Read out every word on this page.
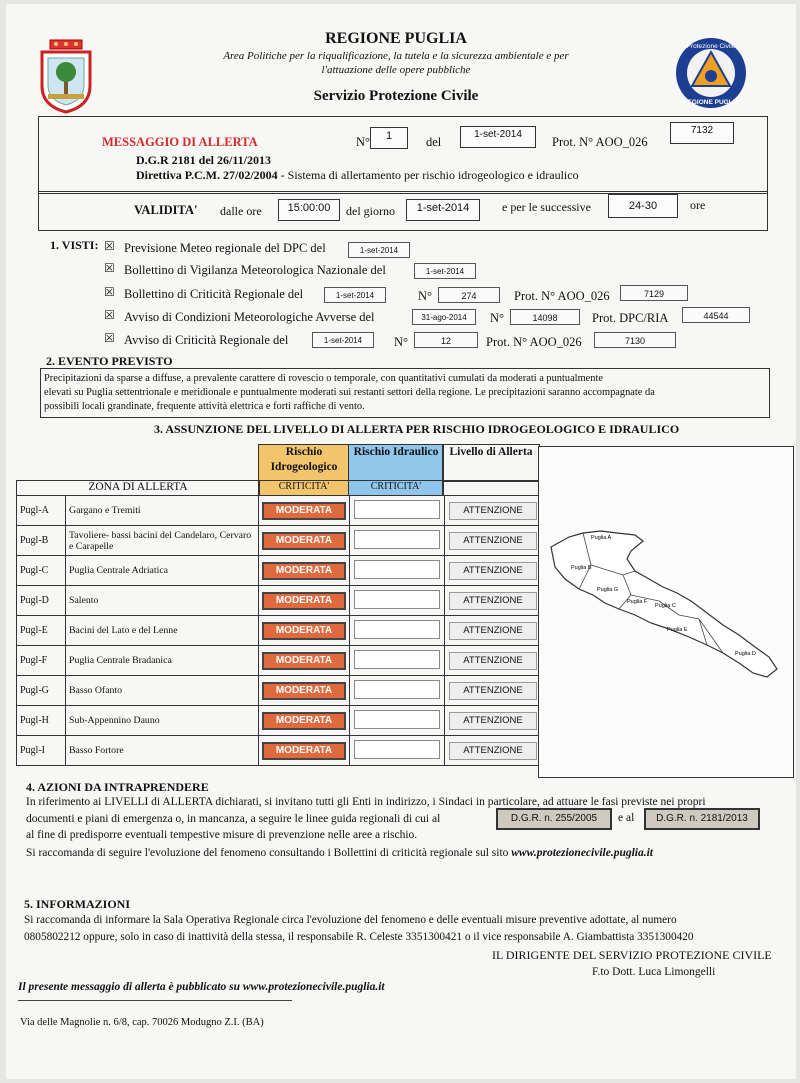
Protezione Civile
REGIONE PUGLIA
REGIONE PUGLIA
Area Politiche per la riqualificazione, la tutela e la sicurezza ambientale e per
l'attuazione delle opere pubbliche
Servizio Protezione Civile
MESSAGGIO DI ALLERTA	N°	1	del
1-set-2014
Prot. N° AOO_026
7132
D.G.R 2181 del 26/11/2013
Direttiva P.C.M. 27/02/2004 - Sistema di allertamento per rischio idrogeologico e idraulico
VALIDITA' dalle ore	15:00:00	del giorno	1-set-2014	e per le successive	24-30	ore
1. VISTI: ☒ Previsione Meteo regionale del DPC del	1-set-2014
☒ Bollettino di Vigilanza Meteorologica Nazionale del	1-set-2014
☒ Bollettino di Criticità Regionale del	1-set-2014	N°	274	Prot. N° AOO_026	7129
☒ Avviso di Condizioni Meteorologiche Avverse del	31-ago-2014	N°	14098	Prot. DPC/RIA	44544
☒ Avviso di Criticità Regionale del	1-set-2014	N°	12	Prot. N° AOO_026	7130
2. EVENTO PREVISTO
Precipitazioni da sparse a diffuse, a prevalente carattere di rovescio o temporale, con quantitativi cumulati da moderati a puntualmente
elevati su Puglia settentrionale e meridionale e puntualmente moderati sui restanti settori della regione. Le precipitazioni saranno accompagnate da
possibili locali grandinate, frequente attività elettrica e forti raffiche di vento.
3. ASSUNZIONE DEL LIVELLO DI ALLERTA PER RISCHIO IDROGEOLOGICO E IDRAULICO
Rischio Idrogeologico
Rischio Idraulico Livello di Allerta
CRITICITA'	CRITICITA'
ZONA DI ALLERTA
Pugl-A	Gargano e Tremiti	MODERATA		ATTENZIONE
Pugl-B	Tavoliere- bassi bacini del Candelaro, Cervaro e Carapelle	MODERATA		ATTENZIONE
Pugl-C	Puglia Centrale Adriatica	MODERATA		ATTENZIONE
Pugl-D	Salento	MODERATA		ATTENZIONE
Pugl-E	Bacini del Lato e del Lenne	MODERATA		ATTENZIONE
Pugl-F	Puglia Centrale Bradanica	MODERATA		ATTENZIONE
Pugl-G	Basso Ofanto	MODERATA		ATTENZIONE
Pugl-H	Sub-Appennino Dauno	MODERATA		ATTENZIONE
Pugl-I	Basso Fortore	MODERATA		ATTENZIONE
Puglia A
Puglia B
Puglia G
Puglia F
Puglia C
Puglia E
Puglia D
4. AZIONI DA INTRAPRENDERE
In riferimento ai LIVELLI di ALLERTA dichiarati, si invitano tutti gli Enti in indirizzo, i Sindaci in particolare, ad attuare le fasi previste nei propri
documenti e piani di emergenza o, in mancanza, a seguire le linee guida regionali di cui al	D.G.R. n. 255/2005	e al	D.G.R. n. 2181/2013
al fine di predisporre eventuali tempestive misure di prevenzione nelle aree a rischio.
Si raccomanda di seguire l'evoluzione del fenomeno consultando i Bollettini di criticità regionale sul sito www.protezionecivile.puglia.it
5. INFORMAZIONI
Si raccomanda di informare la Sala Operativa Regionale circa l'evoluzione del fenomeno e delle eventuali misure preventive adottate, al numero
0805802212 oppure, solo in caso di inattività della stessa, il responsabile R. Celeste 3351300421 o il vice responsabile A. Giambattista 3351300420
IL DIRIGENTE DEL SERVIZIO PROTEZIONE CIVILE
F.to Dott. Luca Limongelli
Il presente messaggio di allerta è pubblicato su www.protezionecivile.puglia.it
Via delle Magnolie n. 6/8, cap. 70026 Modugno Z.I. (BA)
